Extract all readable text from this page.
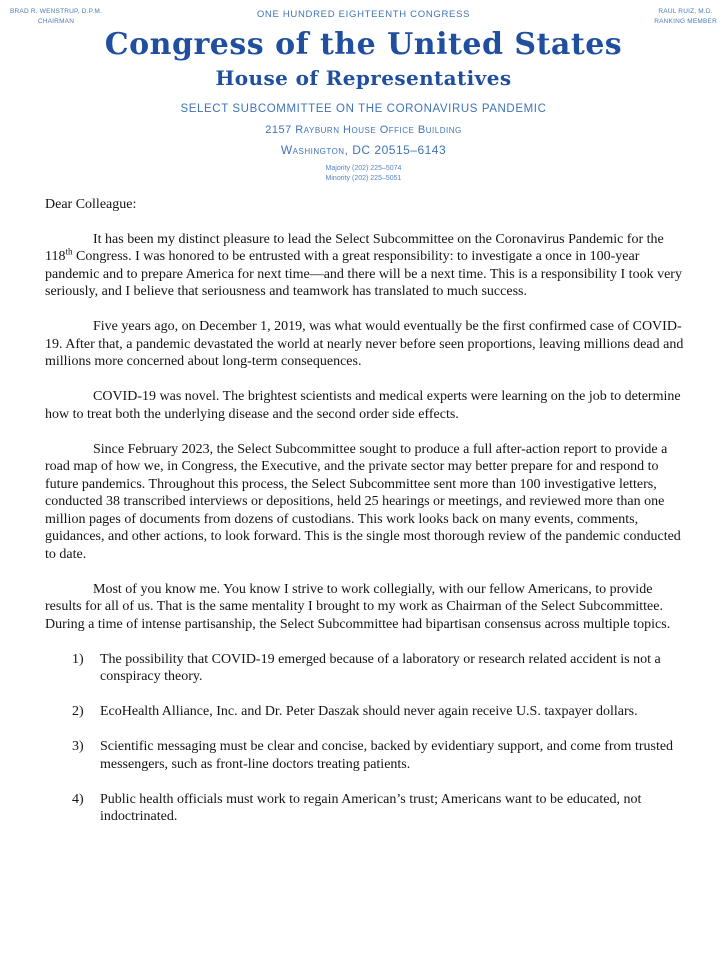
BRAD R. WENSTRUP, D.P.M.
CHAIRMAN
RAUL RUIZ, M.D.
RANKING MEMBER
ONE HUNDRED EIGHTEENTH CONGRESS
Congress of the United States
House of Representatives
SELECT SUBCOMMITTEE ON THE CORONAVIRUS PANDEMIC
2157 Rayburn House Office Building
Washington, DC 20515–6143
Majority (202) 225–5074
Minority (202) 225–5051

Dear Colleague:

It has been my distinct pleasure to lead the Select Subcommittee on the Coronavirus Pandemic for the 118th Congress. I was honored to be entrusted with a great responsibility: to investigate a once in 100-year pandemic and to prepare America for next time—and there will be a next time. This is a responsibility I took very seriously, and I believe that seriousness and teamwork has translated to much success.

Five years ago, on December 1, 2019, was what would eventually be the first confirmed case of COVID-19. After that, a pandemic devastated the world at nearly never before seen proportions, leaving millions dead and millions more concerned about long-term consequences.

COVID-19 was novel. The brightest scientists and medical experts were learning on the job to determine how to treat both the underlying disease and the second order side effects.

Since February 2023, the Select Subcommittee sought to produce a full after-action report to provide a road map of how we, in Congress, the Executive, and the private sector may better prepare for and respond to future pandemics. Throughout this process, the Select Subcommittee sent more than 100 investigative letters, conducted 38 transcribed interviews or depositions, held 25 hearings or meetings, and reviewed more than one million pages of documents from dozens of custodians. This work looks back on many events, comments, guidances, and other actions, to look forward. This is the single most thorough review of the pandemic conducted to date.

Most of you know me. You know I strive to work collegially, with our fellow Americans, to provide results for all of us. That is the same mentality I brought to my work as Chairman of the Select Subcommittee. During a time of intense partisanship, the Select Subcommittee had bipartisan consensus across multiple topics.

1)	The possibility that COVID-19 emerged because of a laboratory or research related accident is not a conspiracy theory.
2)	EcoHealth Alliance, Inc. and Dr. Peter Daszak should never again receive U.S. taxpayer dollars.
3)	Scientific messaging must be clear and concise, backed by evidentiary support, and come from trusted messengers, such as front-line doctors treating patients.
4)	Public health officials must work to regain American’s trust; Americans want to be educated, not indoctrinated.
